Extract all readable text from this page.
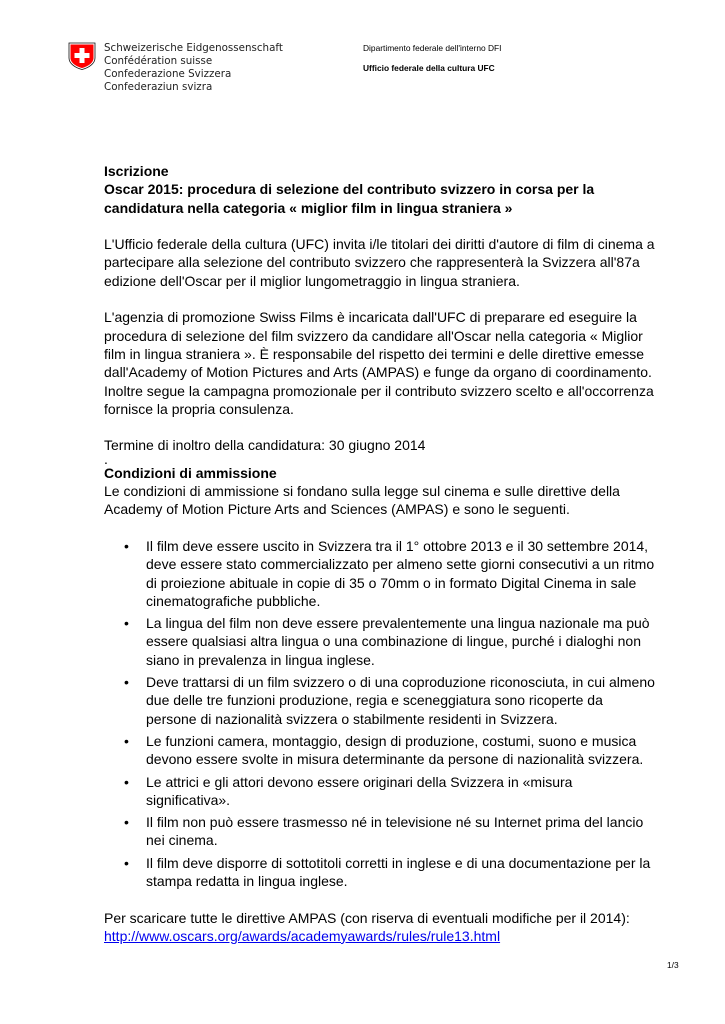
Schweizerische Eidgenossenschaft
Confédération suisse
Confederazione Svizzera
Confederaziun svizra
Dipartimento federale dell'interno DFI
Ufficio federale della cultura UFC

Iscrizione

Oscar 2015: procedura di selezione del contributo svizzero in corsa per la candidatura nella categoria « miglior film in lingua straniera »

L'Ufficio federale della cultura (UFC) invita i/le titolari dei diritti d'autore di film di cinema a partecipare alla selezione del contributo svizzero che rappresenterà la Svizzera all'87a edizione dell'Oscar per il miglior lungometraggio in lingua straniera.

L'agenzia di promozione Swiss Films è incaricata dall'UFC di preparare ed eseguire la procedura di selezione del film svizzero da candidare all'Oscar nella categoria « Miglior film in lingua straniera ». È responsabile del rispetto dei termini e delle direttive emesse dall'Academy of Motion Pictures and Arts (AMPAS) e funge da organo di coordinamento. Inoltre segue la campagna promozionale per il contributo svizzero scelto e all'occorrenza fornisce la propria consulenza.

Termine di inoltro della candidatura: 30 giugno 2014

.

Condizioni di ammissione

Le condizioni di ammissione si fondano sulla legge sul cinema e sulle direttive della Academy of Motion Picture Arts and Sciences (AMPAS) e sono le seguenti.

• Il film deve essere uscito in Svizzera tra il 1° ottobre 2013 e il 30 settembre 2014, deve essere stato commercializzato per almeno sette giorni consecutivi a un ritmo di proiezione abituale in copie di 35 o 70mm o in formato Digital Cinema in sale cinematografiche pubbliche.
• La lingua del film non deve essere prevalentemente una lingua nazionale ma può essere qualsiasi altra lingua o una combinazione di lingue, purché i dialoghi non siano in prevalenza in lingua inglese.
• Deve trattarsi di un film svizzero o di una coproduzione riconosciuta, in cui almeno due delle tre funzioni produzione, regia e sceneggiatura sono ricoperte da persone di nazionalità svizzera o stabilmente residenti in Svizzera.
• Le funzioni camera, montaggio, design di produzione, costumi, suono e musica devono essere svolte in misura determinante da persone di nazionalità svizzera.
• Le attrici e gli attori devono essere originari della Svizzera in «misura significativa».
• Il film non può essere trasmesso né in televisione né su Internet prima del lancio nei cinema.
• Il film deve disporre di sottotitoli corretti in inglese e di una documentazione per la stampa redatta in lingua inglese.

Per scaricare tutte le direttive AMPAS (con riserva di eventuali modifiche per il 2014):

http://www.oscars.org/awards/academyawards/rules/rule13.html

1/3
